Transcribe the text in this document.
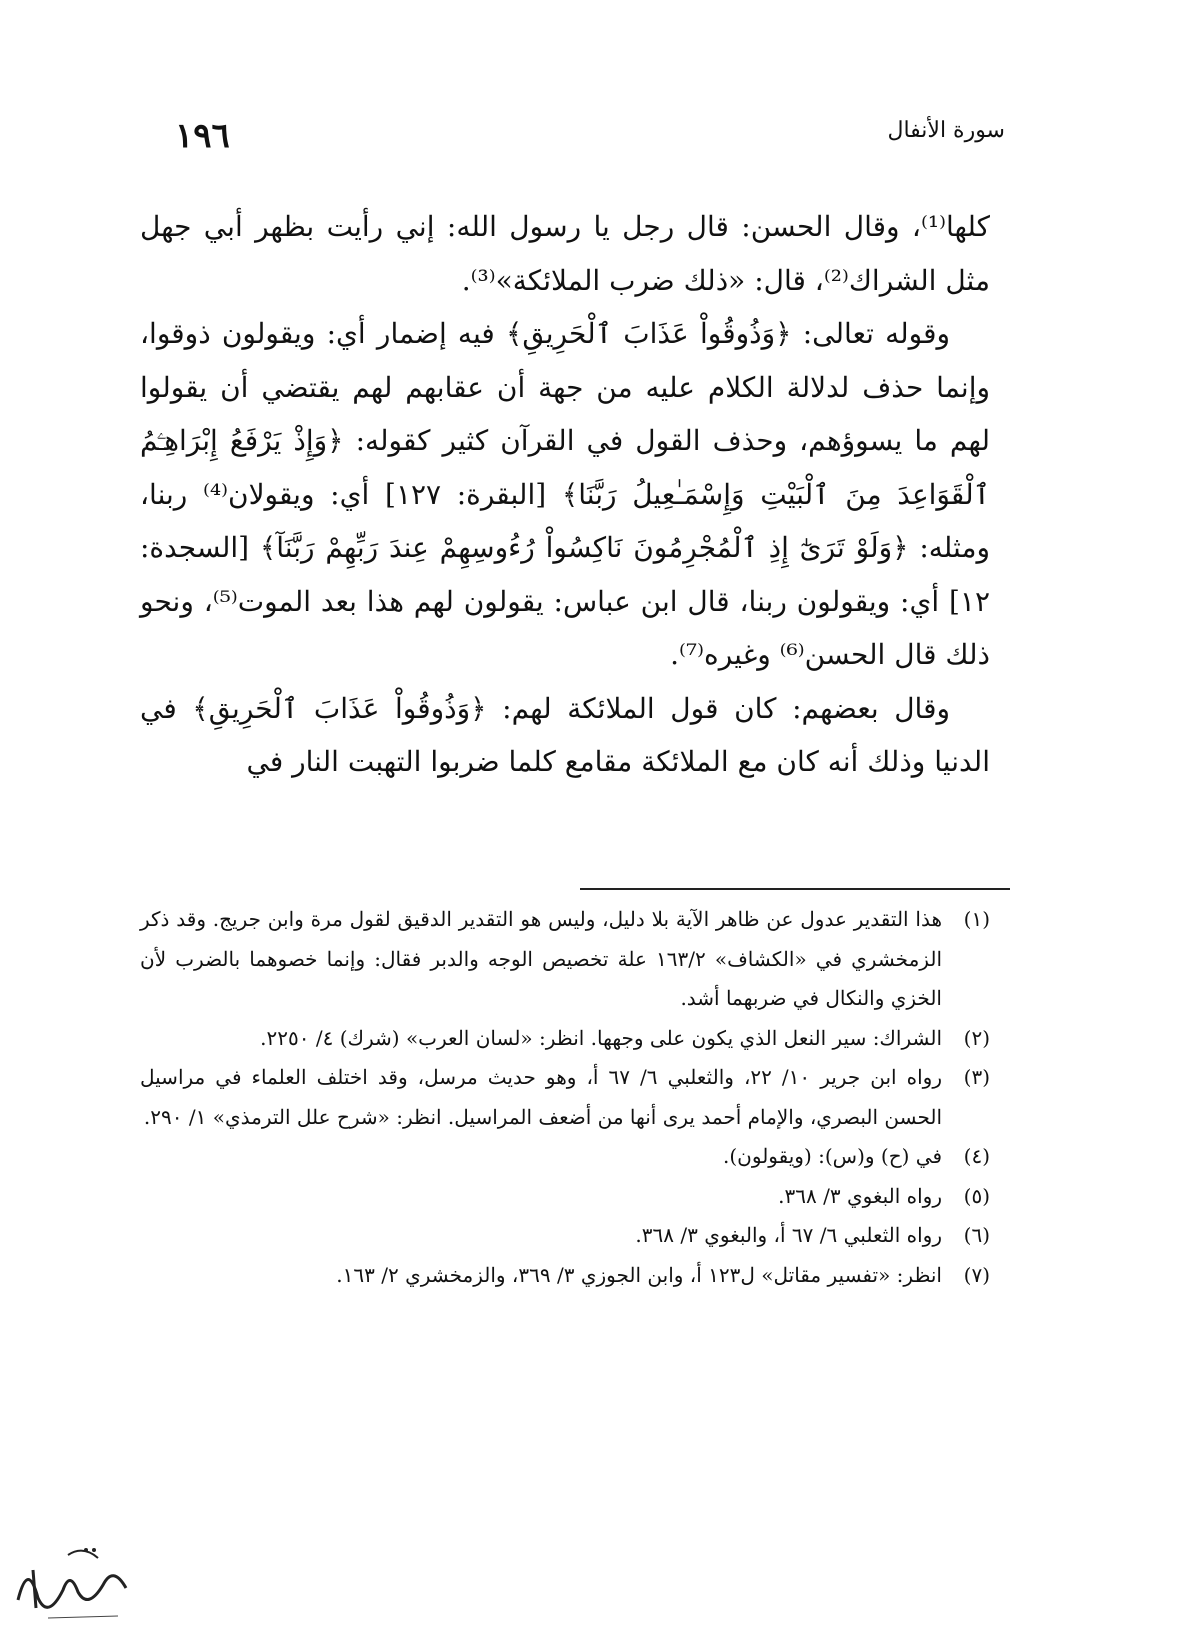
١٩٦	سورة الأنفال

كلها⁽¹⁾، وقال الحسن: قال رجل يا رسول الله: إني رأيت بظهر أبي جهل مثل الشراك⁽²⁾، قال: «ذلك ضرب الملائكة»⁽³⁾.

وقوله تعالى: ﴿وَذُوقُواْ عَذَابَ ٱلْحَرِيقِ﴾ فيه إضمار أي: ويقولون ذوقوا، وإنما حذف لدلالة الكلام عليه من جهة أن عقابهم لهم يقتضي أن يقولوا لهم ما يسوؤهم، وحذف القول في القرآن كثير كقوله: ﴿وَإِذْ يَرْفَعُ إِبْرَاهِـۧمُ ٱلْقَوَاعِدَ مِنَ ٱلْبَيْتِ وَإِسْمَـٰعِيلُ رَبَّنَا﴾ [البقرة: ١٢٧] أي: ويقولان⁽⁴⁾ ربنا، ومثله: ﴿وَلَوْ تَرَىٰٓ إِذِ ٱلْمُجْرِمُونَ نَاكِسُواْ رُءُوسِهِمْ عِندَ رَبِّهِمْ رَبَّنَآ﴾ [السجدة: ١٢] أي: ويقولون ربنا، قال ابن عباس: يقولون لهم هذا بعد الموت⁽⁵⁾، ونحو ذلك قال الحسن⁽⁶⁾ وغيره⁽⁷⁾.

وقال بعضهم: كان قول الملائكة لهم: ﴿وَذُوقُواْ عَذَابَ ٱلْحَرِيقِ﴾ في الدنيا وذلك أنه كان مع الملائكة مقامع كلما ضربوا التهبت النار في

(١)
هذا التقدير عدول عن ظاهر الآية بلا دليل، وليس هو التقدير الدقيق لقول مرة وابن جريج. وقد ذكر الزمخشري في «الكشاف» ١٦٣/٢ علة تخصيص الوجه والدبر فقال: وإنما خصوهما بالضرب لأن الخزي والنكال في ضربهما أشد.
(٢)
الشراك: سير النعل الذي يكون على وجهها. انظر: «لسان العرب» (شرك) ٤/ ٢٢٥٠.
(٣)
رواه ابن جرير ١٠/ ٢٢، والثعلبي ٦/ ٦٧ أ، وهو حديث مرسل، وقد اختلف العلماء في مراسيل الحسن البصري، والإمام أحمد يرى أنها من أضعف المراسيل. انظر: «شرح علل الترمذي» ١/ ٢٩٠.
(٤)
في (ح) و(س): (ويقولون).
(٥)
رواه البغوي ٣/ ٣٦٨.
(٦)
رواه الثعلبي ٦/ ٦٧ أ، والبغوي ٣/ ٣٦٨.
(٧)
انظر: «تفسير مقاتل» ل١٢٣ أ، وابن الجوزي ٣/ ٣٦٩، والزمخشري ٢/ ١٦٣.
